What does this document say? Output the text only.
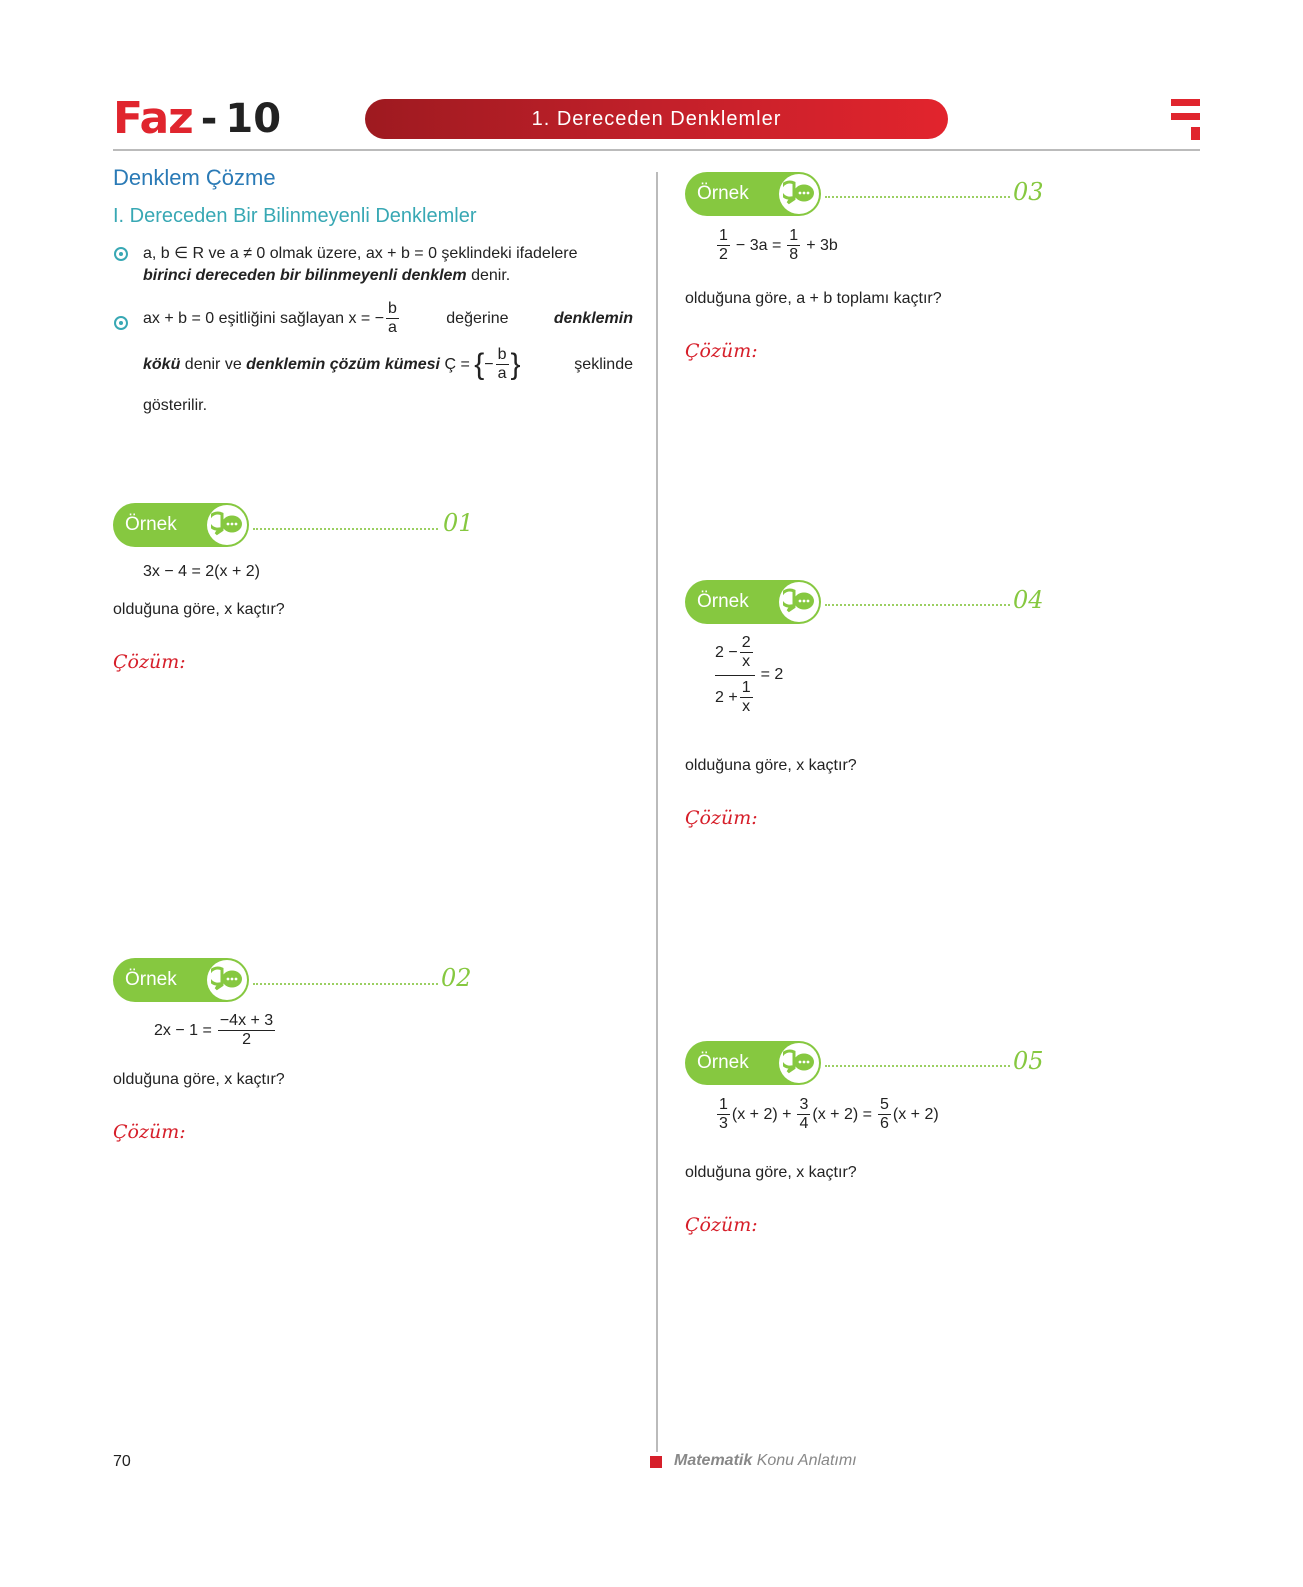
Faz - 10	1. Dereceden Denklemler
Denklem Çözme
I. Dereceden Bir Bilinmeyenli Denklemler
a, b ∈ R ve a ≠ 0 olmak üzere, ax + b = 0 şeklindeki ifadelere
birinci dereceden bir bilinmeyenli denklem denir.
ax + b = 0 eşitliğini sağlayan x = − $\frac{b}{a}$	değerine	denklemin
kökü denir ve denklemin çözüm kümesi Ç = { − $\frac{b}{a}$ }	şeklinde
gösterilir.
Örnek	01
3x − 4 = 2(x + 2)
olduğuna göre, x kaçtır?
Çözüm:
Örnek	02
$2x - 1 = \frac{-4x + 3}{2}$
olduğuna göre, x kaçtır?
Çözüm:
Örnek	03
$\frac{1}{2} - 3a = \frac{1}{8} + 3b$
olduğuna göre, a + b toplamı kaçtır?
Çözüm:
Örnek	04
$\frac{2 - \frac{2}{x}}{2 + \frac{1}{x}} = 2$
olduğuna göre, x kaçtır?
Çözüm:
Örnek	05
$\frac{1}{3} (x + 2) + \frac{3}{4} (x + 2) = \frac{5}{6} (x + 2)$
olduğuna göre, x kaçtır?
Çözüm:
70	Matematik Konu Anlatımı
